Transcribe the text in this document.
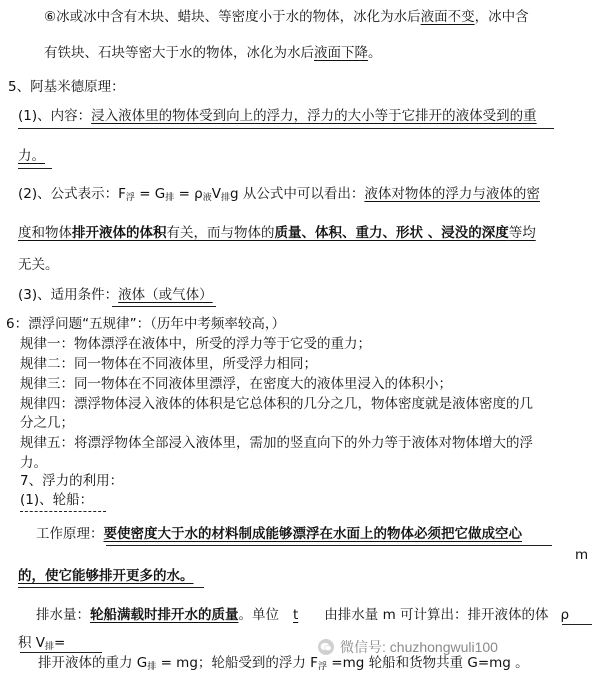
⑥冰或冰中含有木块、蜡块、等密度小于水的物体，冰化为水后液面不变，冰中含
有铁块、石块等密大于水的物体，冰化为水后液面下降。
5、阿基米德原理：
(1)、内容：浸入液体里的物体受到向上的浮力，浮力的大小等于它排开的液体受到的重
力。
(2)、公式表示：$F_浮 = G_排 = \rho_液V_排g$ 从公式中可以看出：液体对物体的浮力与液体的密
度和物体排开液体的体积有关，而与物体的质量、体积、重力、形状 、浸没的深度等均
无关。
(3)、适用条件：液体（或气体）
6：漂浮问题“五规律”：（历年中考频率较高，）
规律一：物体漂浮在液体中，所受的浮力等于它受的重力；
规律二：同一物体在不同液体里，所受浮力相同；
规律三：同一物体在不同液体里漂浮，在密度大的液体里浸入的体积小；
规律四：漂浮物体浸入液体的体积是它总体积的几分之几，物体密度就是液体密度的几
分之几；
规律五：将漂浮物体全部浸入液体里，需加的竖直向下的外力等于液体对物体增大的浮
力。
7、浮力的利用：
(1)、轮船：
工作原理：要使密度大于水的材料制成能够漂浮在水面上的物体必须把它做成空心
m
的，使它能够排开更多的水。
排水量：轮船满载时排开水的质量。单位 t 由排水量 m 可计算出：排开液体的体 ρ
积 $V_排=$
排开液体的重力 $G_排$ = mg；轮船受到的浮力 $F_浮 =mg$ 轮船和货物共重 G=mg 。
微信号: chuzhongwuli100
